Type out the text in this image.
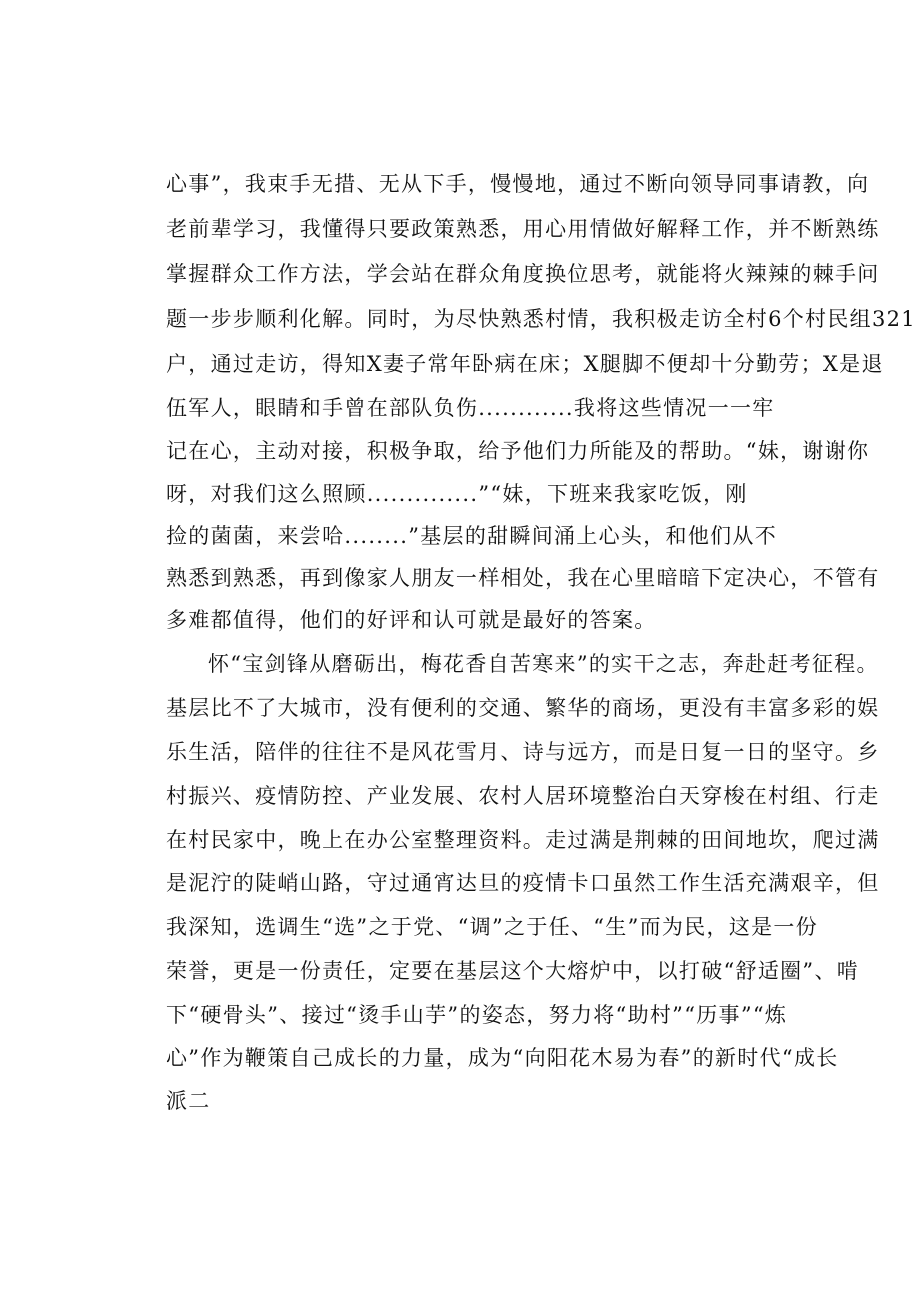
心事”，我束手无措、无从下手，慢慢地，通过不断向领导同事请教，向
老前辈学习，我懂得只要政策熟悉，用心用情做好解释工作，并不断熟练
掌握群众工作方法，学会站在群众角度换位思考，就能将火辣辣的棘手问
题一步步顺利化解。同时，为尽快熟悉村情，我积极走访全村6个村民组321
户，通过走访，得知X妻子常年卧病在床；X腿脚不便却十分勤劳；X是退
伍军人，眼睛和手曾在部队负伤............我将这些情况一一牢
记在心，主动对接，积极争取，给予他们力所能及的帮助。“妹，谢谢你
呀，对我们这么照顾..............”“妹，下班来我家吃饭，刚
捡的菌菌，来尝哈........”基层的甜瞬间涌上心头，和他们从不
熟悉到熟悉，再到像家人朋友一样相处，我在心里暗暗下定决心，不管有
多难都值得，他们的好评和认可就是最好的答案。
怀“宝剑锋从磨砺出，梅花香自苦寒来”的实干之志，奔赴赶考征程。
基层比不了大城市，没有便利的交通、繁华的商场，更没有丰富多彩的娱
乐生活，陪伴的往往不是风花雪月、诗与远方，而是日复一日的坚守。乡
村振兴、疫情防控、产业发展、农村人居环境整治白天穿梭在村组、行走
在村民家中，晚上在办公室整理资料。走过满是荆棘的田间地坎，爬过满
是泥泞的陡峭山路，守过通宵达旦的疫情卡口虽然工作生活充满艰辛，但
我深知，选调生“选”之于党、“调”之于任、“生”而为民，这是一份
荣誉，更是一份责任，定要在基层这个大熔炉中，以打破“舒适圈”、啃
下“硬骨头”、接过“烫手山芋”的姿态，努力将“助村”“历事”“炼
心”作为鞭策自己成长的力量，成为“向阳花木易为春”的新时代“成长
派二
